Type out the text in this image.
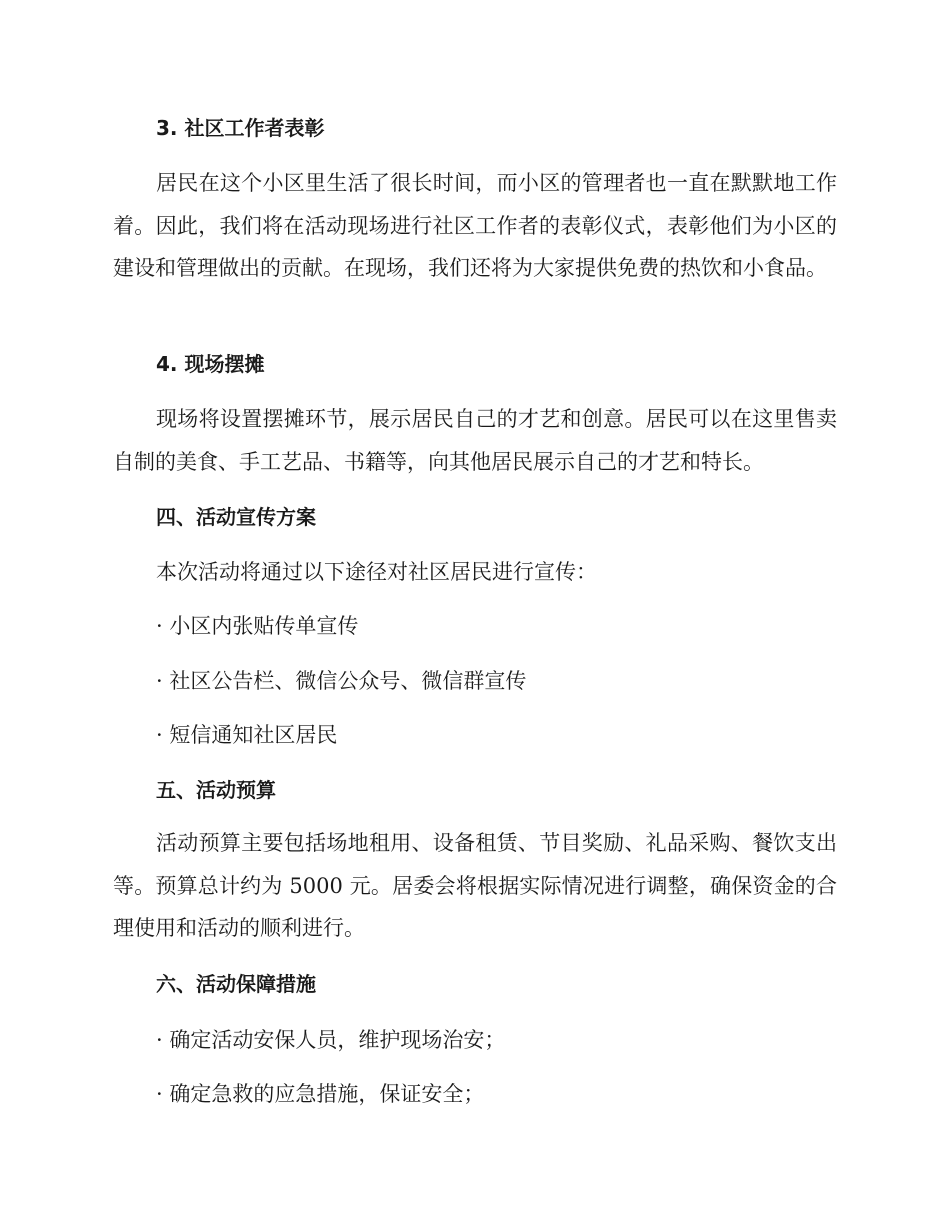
3. 社区工作者表彰
居民在这个小区里生活了很长时间，而小区的管理者也一直在默默地工作着。因此，我们将在活动现场进行社区工作者的表彰仪式，表彰他们为小区的建设和管理做出的贡献。在现场，我们还将为大家提供免费的热饮和小食品。
4. 现场摆摊
现场将设置摆摊环节，展示居民自己的才艺和创意。居民可以在这里售卖自制的美食、手工艺品、书籍等，向其他居民展示自己的才艺和特长。
四、活动宣传方案
本次活动将通过以下途径对社区居民进行宣传：
· 小区内张贴传单宣传
· 社区公告栏、微信公众号、微信群宣传
· 短信通知社区居民
五、活动预算
活动预算主要包括场地租用、设备租赁、节目奖励、礼品采购、餐饮支出等。预算总计约为 5000 元。居委会将根据实际情况进行调整，确保资金的合理使用和活动的顺利进行。
六、活动保障措施
· 确定活动安保人员，维护现场治安；
· 确定急救的应急措施，保证安全；
